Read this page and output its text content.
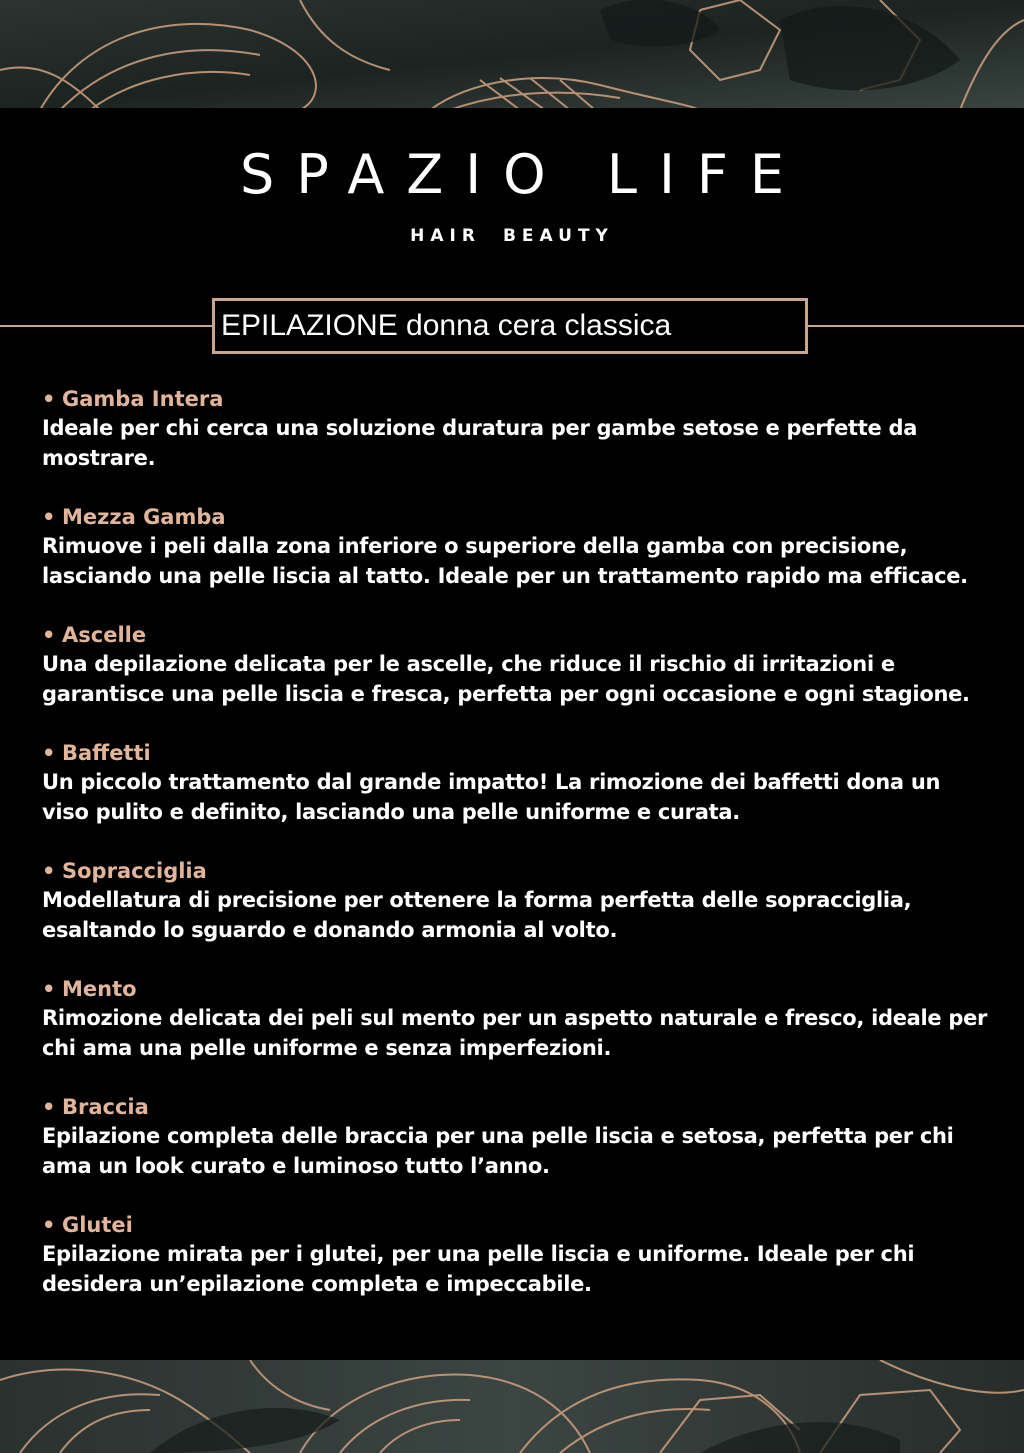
SPAZIO LIFE
HAIR BEAUTY
EPILAZIONE donna cera classica
• Gamba Intera
Ideale per chi cerca una soluzione duratura per gambe setose e perfette da mostrare.
• Mezza Gamba
Rimuove i peli dalla zona inferiore o superiore della gamba con precisione, lasciando una pelle liscia al tatto. Ideale per un trattamento rapido ma efficace.
• Ascelle
Una depilazione delicata per le ascelle, che riduce il rischio di irritazioni e garantisce una pelle liscia e fresca, perfetta per ogni occasione e ogni stagione.
• Baffetti
Un piccolo trattamento dal grande impatto! La rimozione dei baffetti dona un viso pulito e definito, lasciando una pelle uniforme e curata.
• Sopracciglia
Modellatura di precisione per ottenere la forma perfetta delle sopracciglia, esaltando lo sguardo e donando armonia al volto.
• Mento
Rimozione delicata dei peli sul mento per un aspetto naturale e fresco, ideale per chi ama una pelle uniforme e senza imperfezioni.
• Braccia
Epilazione completa delle braccia per una pelle liscia e setosa, perfetta per chi ama un look curato e luminoso tutto l’anno.
• Glutei
Epilazione mirata per i glutei, per una pelle liscia e uniforme. Ideale per chi desidera un’epilazione completa e impeccabile.
